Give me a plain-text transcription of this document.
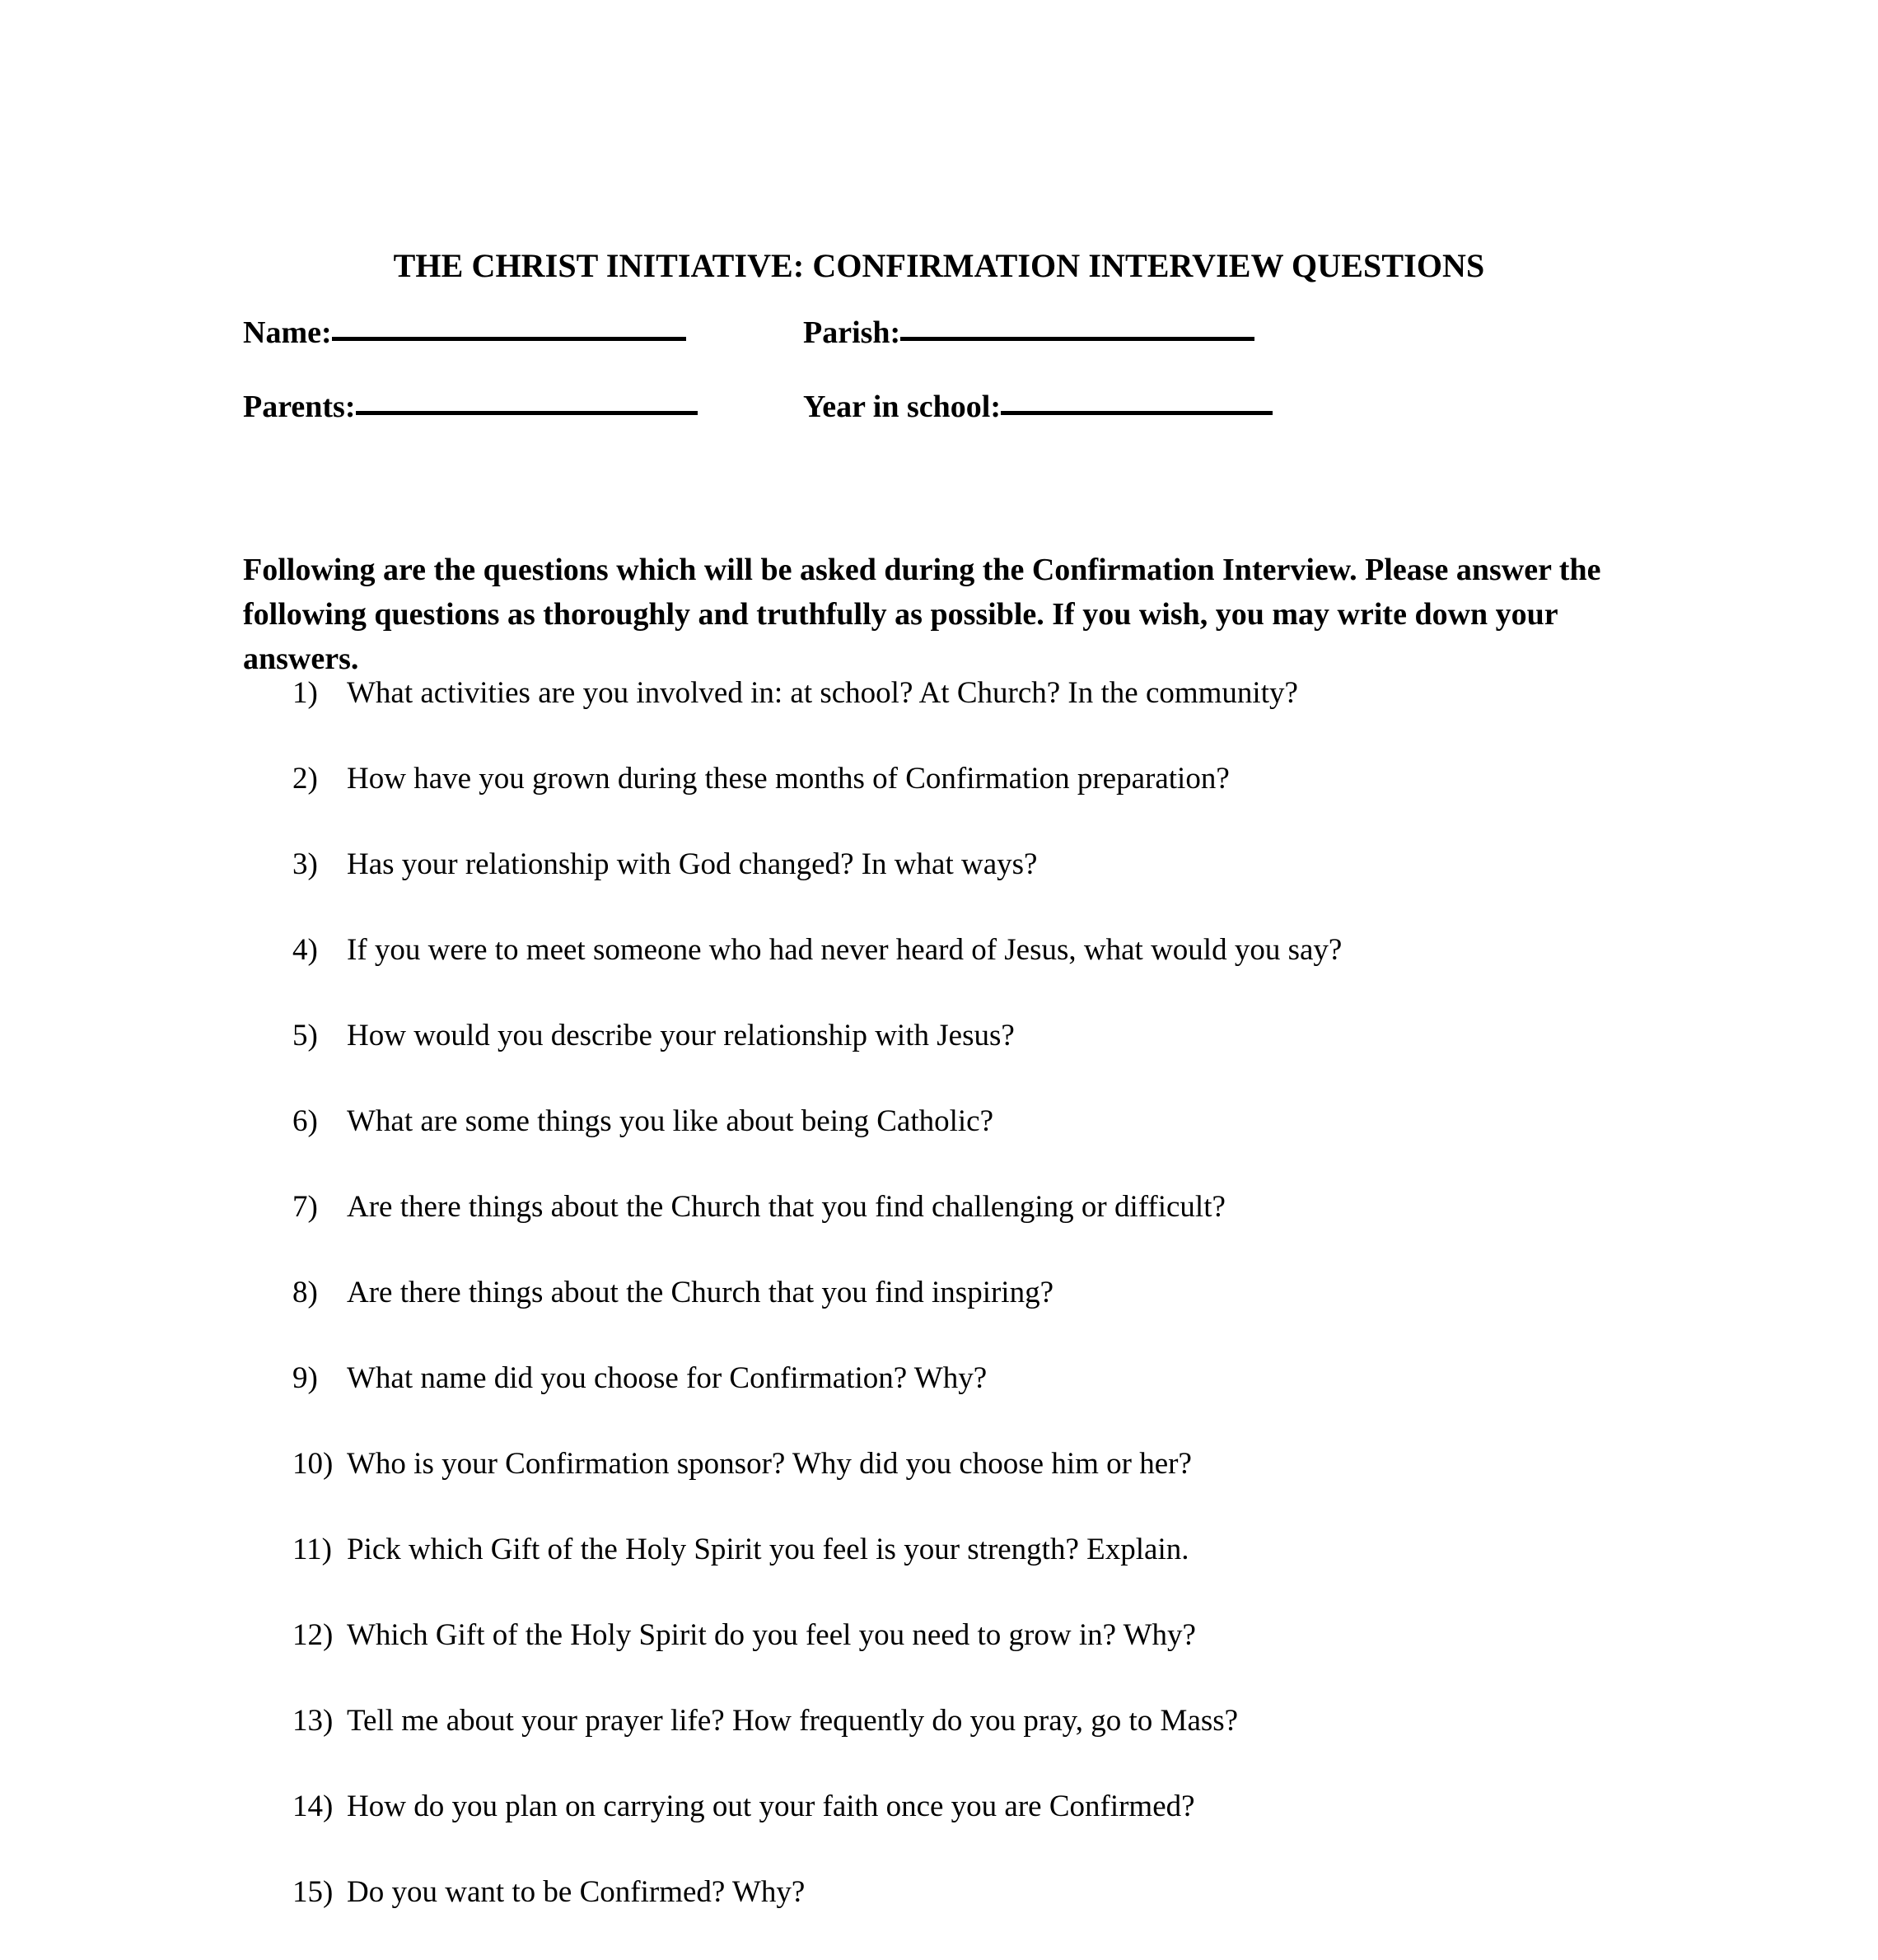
THE CHRIST INITIATIVE: CONFIRMATION INTERVIEW QUESTIONS
Name:	Parish:
Parents:	Year in school:

Following are the questions which will be asked during the Confirmation Interview. Please answer the following questions as thoroughly and truthfully as possible. If you wish, you may write down your answers.

1) What activities are you involved in: at school? At Church? In the community?
2) How have you grown during these months of Confirmation preparation?
3) Has your relationship with God changed? In what ways?
4) If you were to meet someone who had never heard of Jesus, what would you say?
5) How would you describe your relationship with Jesus?
6) What are some things you like about being Catholic?
7) Are there things about the Church that you find challenging or difficult?
8) Are there things about the Church that you find inspiring?
9) What name did you choose for Confirmation? Why?
10) Who is your Confirmation sponsor? Why did you choose him or her?
11) Pick which Gift of the Holy Spirit you feel is your strength? Explain.
12) Which Gift of the Holy Spirit do you feel you need to grow in? Why?
13) Tell me about your prayer life? How frequently do you pray, go to Mass?
14) How do you plan on carrying out your faith once you are Confirmed?
15) Do you want to be Confirmed? Why?
